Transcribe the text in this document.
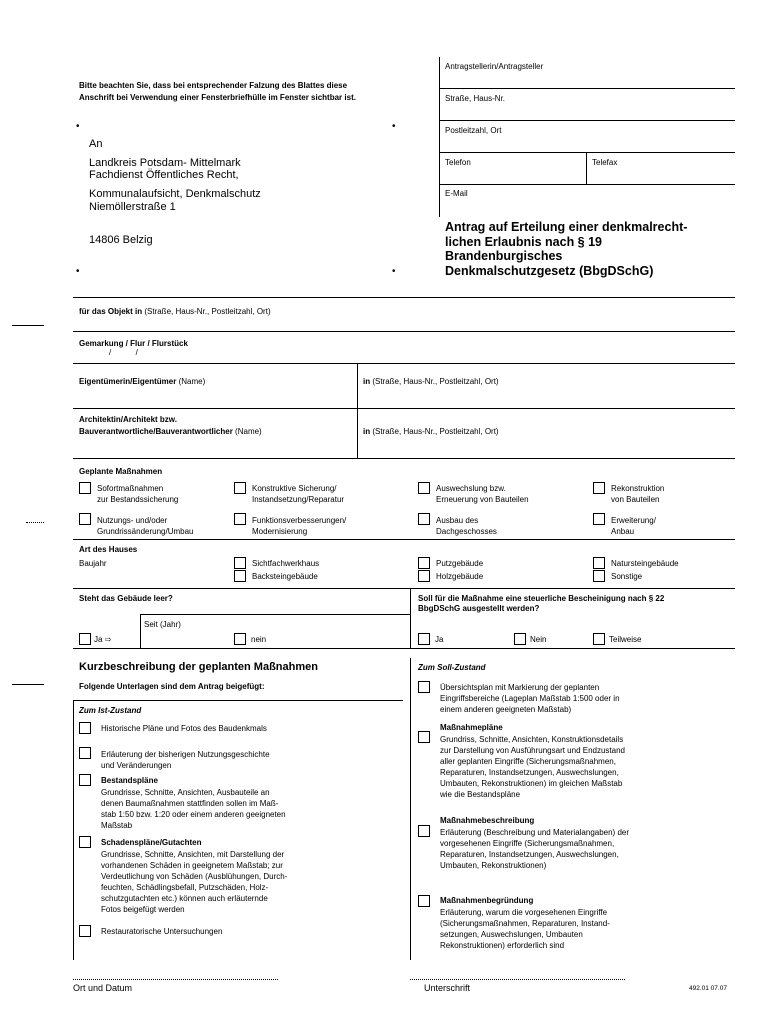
Bitte beachten Sie, dass bei entsprechender Falzung des Blattes diese
Anschrift bei Verwendung einer Fensterbriefhülle im Fenster sichtbar ist.
•	•
•	•
An
Landkreis Potsdam- Mittelmark
Fachdienst Öffentliches Recht,
Kommunalaufsicht, Denkmalschutz
Niemöllerstraße 1
14806 Belzig
Antragstellerin/Antragsteller
Straße, Haus-Nr.
Postleitzahl, Ort
Telefon	Telefax
E-Mail
Antrag auf Erteilung einer denkmalrecht-
lichen Erlaubnis nach § 19
Brandenburgisches
Denkmalschutzgesetz (BbgDSchG)
für das Objekt in (Straße, Haus-Nr., Postleitzahl, Ort)
Gemarkung / Flur / Flurstück
/           /
Eigentümerin/Eigentümer (Name)	in (Straße, Haus-Nr., Postleitzahl, Ort)
Architektin/Architekt bzw.
Bauverantwortliche/Bauverantwortlicher (Name)	in (Straße, Haus-Nr., Postleitzahl, Ort)
Geplante Maßnahmen
Sofortmaßnahmen
zur Bestandssicherung
Konstruktive Sicherung/
Instandsetzung/Reparatur
Auswechslung bzw.
Erneuerung von Bauteilen
Rekonstruktion
von Bauteilen
Nutzungs- und/oder
Grundrissänderung/Umbau
Funktionsverbesserungen/
Modernisierung
Ausbau des
Dachgeschosses
Erweiterung/
Anbau
Art des Hauses
Baujahr	Sichtfachwerkhaus
Backsteingebäude
Putzgebäude
Holzgebäude
Natursteingebäude
Sonstige
Steht das Gebäude leer?
Seit (Jahr)
Ja ⇨	nein
Soll für die Maßnahme eine steuerliche Bescheinigung nach § 22
BbgDSchG ausgestellt werden?
Ja	Nein	Teilweise
Kurzbeschreibung der geplanten Maßnahmen
Folgende Unterlagen sind dem Antrag beigefügt:
Zum Soll-Zustand
Zum Ist-Zustand
Historische Pläne und Fotos des Baudenkmals
Erläuterung der bisherigen Nutzungsgeschichte
und Veränderungen
Bestandspläne
Grundrisse, Schnitte, Ansichten, Ausbauteile an
denen Baumaßnahmen stattfinden sollen im Maß-
stab 1:50 bzw. 1:20 oder einem anderen geeigneten
Maßstab
Schadenspläne/Gutachten
Grundrisse, Schnitte, Ansichten, mit Darstellung der
vorhandenen Schäden in geeignetem Maßstab; zur
Verdeutlichung von Schäden (Ausblühungen, Durch-
feuchten, Schädlingsbefall, Putzschäden, Holz-
schutzgutachten etc.) können auch erläuternde
Fotos beigefügt werden
Restauratorische Untersuchungen
Übersichtsplan mit Markierung der geplanten
Eingriffsbereiche (Lageplan Maßstab 1:500 oder in
einem anderen geeigneten Maßstab)
Maßnahmepläne
Grundriss, Schnitte, Ansichten, Konstruktionsdetails
zur Darstellung von Ausführungsart und Endzustand
aller geplanten Eingriffe (Sicherungsmaßnahmen,
Reparaturen, Instandsetzungen, Auswechslungen,
Umbauten, Rekonstruktionen) im gleichen Maßstab
wie die Bestandspläne
Maßnahmebeschreibung
Erläuterung (Beschreibung und Materialangaben) der
vorgesehenen Eingriffe (Sicherungsmaßnahmen,
Reparaturen, Instandsetzungen, Auswechslungen,
Umbauten, Rekonstruktionen)
Maßnahmenbegründung
Erläuterung, warum die vorgesehenen Eingriffe
(Sicherungsmaßnahmen, Reparaturen, Instand-
setzungen, Auswechslungen, Umbauten
Rekonstruktionen) erforderlich sind
Ort und Datum	Unterschrift	492.01 07.07
